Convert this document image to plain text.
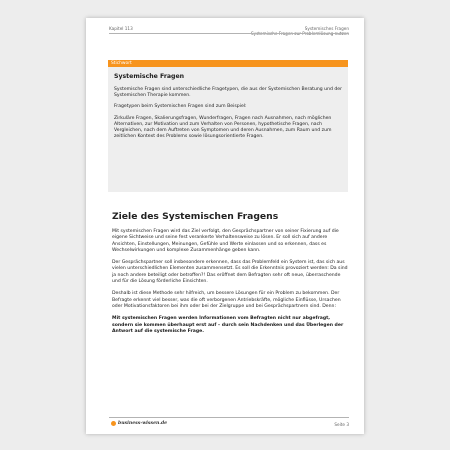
Kapitel 113	Systemisches Fragen
Systemische Fragen zur Problemlösung nutzen
Stichwort
Systemische Fragen

Systemische Fragen sind unterschiedliche Fragetypen, die aus der Systemischen Beratung und der Systemischen Therapie kommen.

Fragetypen beim Systemischen Fragen sind zum Beispiel:

Zirkuläre Fragen, Skalierungsfragen, Wunderfragen, Fragen nach Ausnahmen, nach möglichen Alternativen, zur Motivation und zum Verhalten von Personen, hypothetische Fragen, nach Vergleichen, nach dem Auftreten von Symptomen und deren Ausnahmen, zum Raum und zum zeitlichen Kontext des Problems sowie lösungsorientierte Fragen.

Ziele des Systemischen Fragens

Mit systemischen Fragen wird das Ziel verfolgt, den Gesprächspartner von seiner Fixierung auf die eigene Sichtweise und seine fest verankerte Verhaltensweise zu lösen. Er soll sich auf andere Ansichten, Einstellungen, Meinungen, Gefühle und Werte einlassen und so erkennen, dass es Wechselwirkungen und komplexe Zusammenhänge geben kann.

Der Gesprächspartner soll insbesondere erkennen, dass das Problemfeld ein System ist, das sich aus vielen unterschiedlichen Elementen zusammensetzt. Es soll die Erkenntnis provoziert werden: Da sind ja noch andere beteiligt oder betroffen?! Das eröffnet dem Befragten sehr oft neue, überraschende und für die Lösung förderliche Einsichten.

Deshalb ist diese Methode sehr hilfreich, um bessere Lösungen für ein Problem zu bekommen. Der Befragte erkennt viel besser, was die oft verborgenen Antriebskräfte, mögliche Einflüsse, Ursachen oder Motivationsfaktoren bei ihm oder bei der Zielgruppe und bei Gesprächspartnern sind. Denn:

Mit systemischen Fragen werden Informationen vom Befragten nicht nur abgefragt, sondern sie kommen überhaupt erst auf – durch sein Nachdenken und das Überlegen der Antwort auf die systemische Frage.

business-wissen.de	Seite 3
